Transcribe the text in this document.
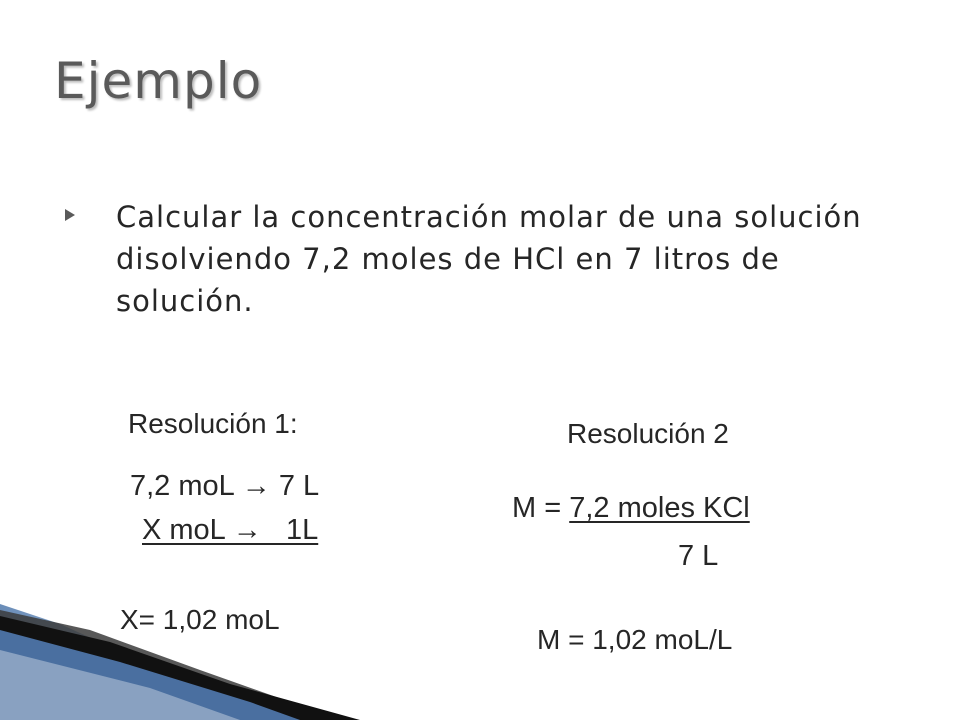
Ejemplo
Calcular la concentración molar de una solución disolviendo 7,2 moles de HCl en 7 litros de solución.
Resolución 1:
7,2 moL → 7 L
X moL →   1L
X= 1,02 moL
Resolución 2
M = 7,2 moles KCl
7 L
M = 1,02 moL/L
